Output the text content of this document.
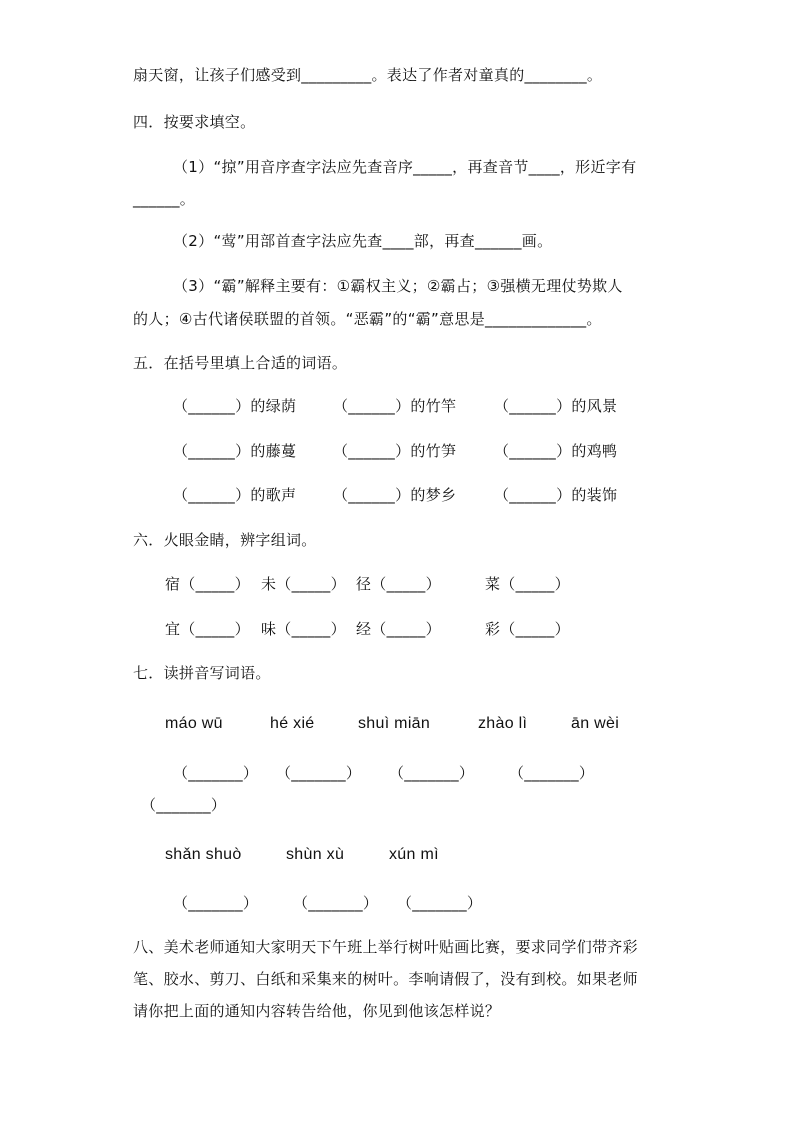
扇天窗，让孩子们感受到_________。表达了作者对童真的________。
四．按要求填空。
（1）“掠”用音序查字法应先查音序_____，再查音节____，形近字有
______。
（2）“莺”用部首查字法应先查____部，再查______画。
（3）“霸”解释主要有：①霸权主义；②霸占；③强横无理仗势欺人
的人；④古代诸侯联盟的首领。“恶霸”的“霸”意思是_____________。
五．在括号里填上合适的词语。
（______）的绿荫 （______）的竹竿	（______）的风景
（______）的藤蔓 （______）的竹笋	（______）的鸡鸭
（______）的歌声 （______）的梦乡	（______）的装饰
六．火眼金睛，辨字组词。
宿（_____） 未（_____） 径（_____）	菜（_____）
宜（_____） 味（_____） 经（_____）	彩（_____）
七．读拼音写词语。
máo wū	hé xié	shuì miān	zhào lì	ān wèi
（_______） （_______） （_______） （_______）
（_______）
shǎn shuò	shùn xù	xún mì
（_______） （_______） （_______）
八、美术老师通知大家明天下午班上举行树叶贴画比赛，要求同学们带齐彩
笔、胶水、剪刀、白纸和采集来的树叶。李响请假了，没有到校。如果老师
请你把上面的通知内容转告给他，你见到他该怎样说？
